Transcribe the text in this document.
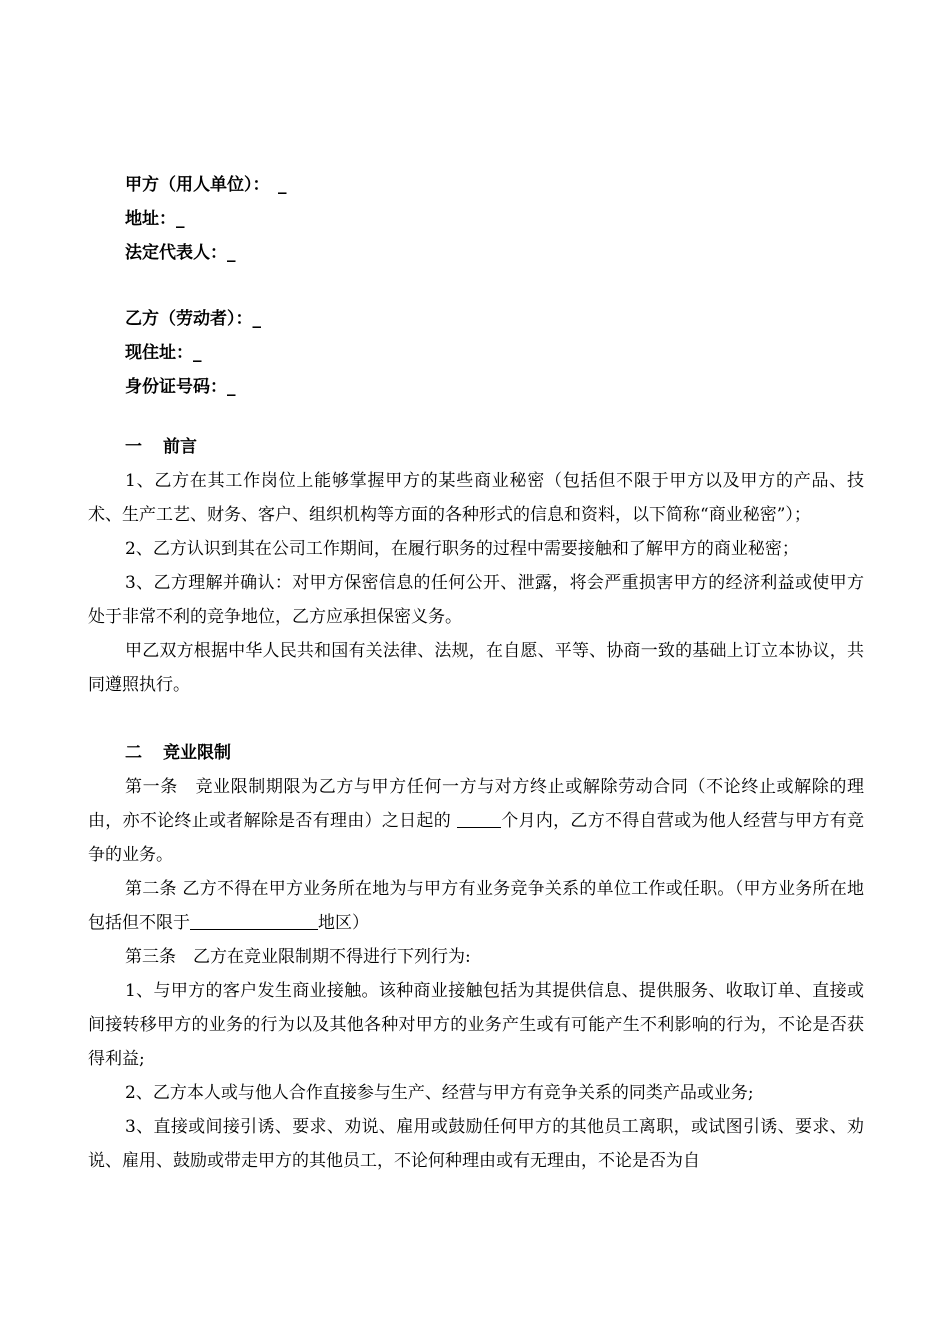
甲方（用人单位）：　_
地址：_
法定代表人：_
乙方（劳动者）：_
现住址：_
身份证号码：_
一 前言

1、乙方在其工作岗位上能够掌握甲方的某些商业秘密（包括但不限于甲方以及甲方的产品、技术、生产工艺、财务、客户、组织机构等方面的各种形式的信息和资料，以下简称“商业秘密”）；

2、乙方认识到其在公司工作期间，在履行职务的过程中需要接触和了解甲方的商业秘密；

3、乙方理解并确认：对甲方保密信息的任何公开、泄露，将会严重损害甲方的经济利益或使甲方处于非常不利的竞争地位，乙方应承担保密义务。

甲乙双方根据中华人民共和国有关法律、法规，在自愿、平等、协商一致的基础上订立本协议，共同遵照执行。

二 竞业限制

第一条　竞业限制期限为乙方与甲方任何一方与对方终止或解除劳动合同（不论终止或解除的理由，亦不论终止或者解除是否有理由）之日起的	个月内，乙方不得自营或为他人经营与甲方有竞争的业务。

第二条 乙方不得在甲方业务所在地为与甲方有业务竞争关系的单位工作或任职。（甲方业务所在地包括但不限于	地区）

第三条　乙方在竞业限制期不得进行下列行为:

1、与甲方的客户发生商业接触。该种商业接触包括为其提供信息、提供服务、收取订单、直接或间接转移甲方的业务的行为以及其他各种对甲方的业务产生或有可能产生不利影响的行为，不论是否获得利益;

2、乙方本人或与他人合作直接参与生产、经营与甲方有竞争关系的同类产品或业务;

3、直接或间接引诱、要求、劝说、雇用或鼓励任何甲方的其他员工离职，或试图引诱、要求、劝说、雇用、鼓励或带走甲方的其他员工，不论何种理由或有无理由，不论是否为自
